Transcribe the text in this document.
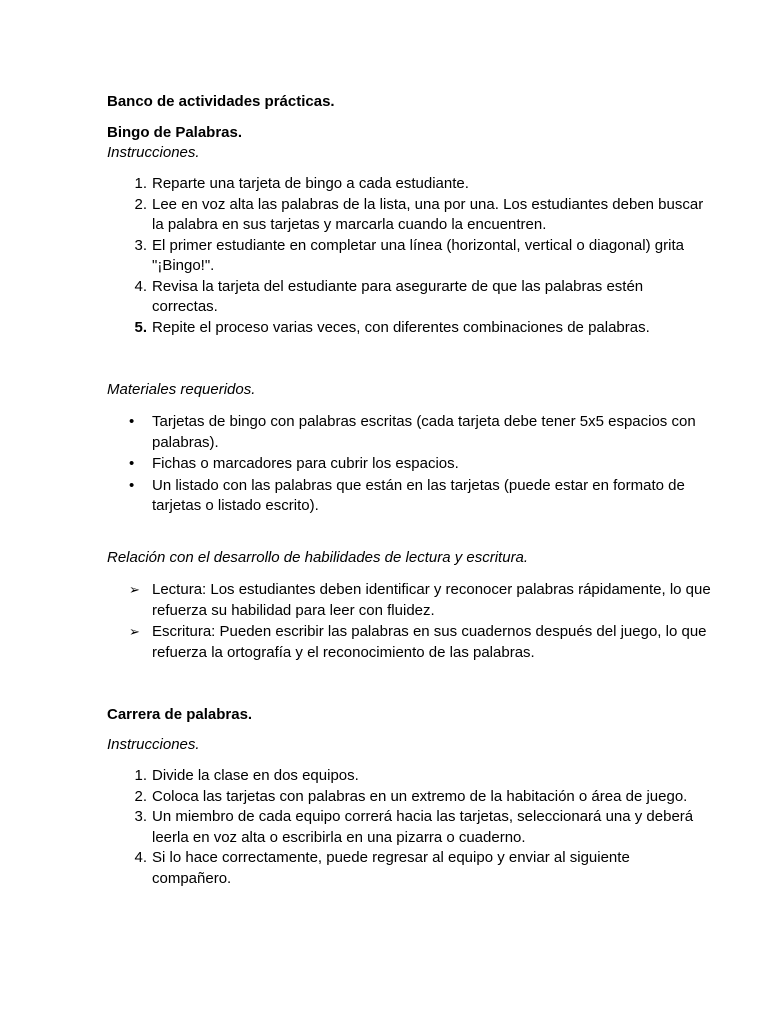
Banco de actividades prácticas.

Bingo de Palabras.

Instrucciones.

1. Reparte una tarjeta de bingo a cada estudiante.
2. Lee en voz alta las palabras de la lista, una por una. Los estudiantes deben buscar la palabra en sus tarjetas y marcarla cuando la encuentren.
3. El primer estudiante en completar una línea (horizontal, vertical o diagonal) grita "¡Bingo!".
4. Revisa la tarjeta del estudiante para asegurarte de que las palabras estén correctas.
5. Repite el proceso varias veces, con diferentes combinaciones de palabras.

Materiales requeridos.

• Tarjetas de bingo con palabras escritas (cada tarjeta debe tener 5x5 espacios con palabras).
• Fichas o marcadores para cubrir los espacios.
• Un listado con las palabras que están en las tarjetas (puede estar en formato de tarjetas o listado escrito).

Relación con el desarrollo de habilidades de lectura y escritura.

➢ Lectura: Los estudiantes deben identificar y reconocer palabras rápidamente, lo que refuerza su habilidad para leer con fluidez.
➢ Escritura: Pueden escribir las palabras en sus cuadernos después del juego, lo que refuerza la ortografía y el reconocimiento de las palabras.

Carrera de palabras.

Instrucciones.

1. Divide la clase en dos equipos.
2. Coloca las tarjetas con palabras en un extremo de la habitación o área de juego.
3. Un miembro de cada equipo correrá hacia las tarjetas, seleccionará una y deberá leerla en voz alta o escribirla en una pizarra o cuaderno.
4. Si lo hace correctamente, puede regresar al equipo y enviar al siguiente compañero.
